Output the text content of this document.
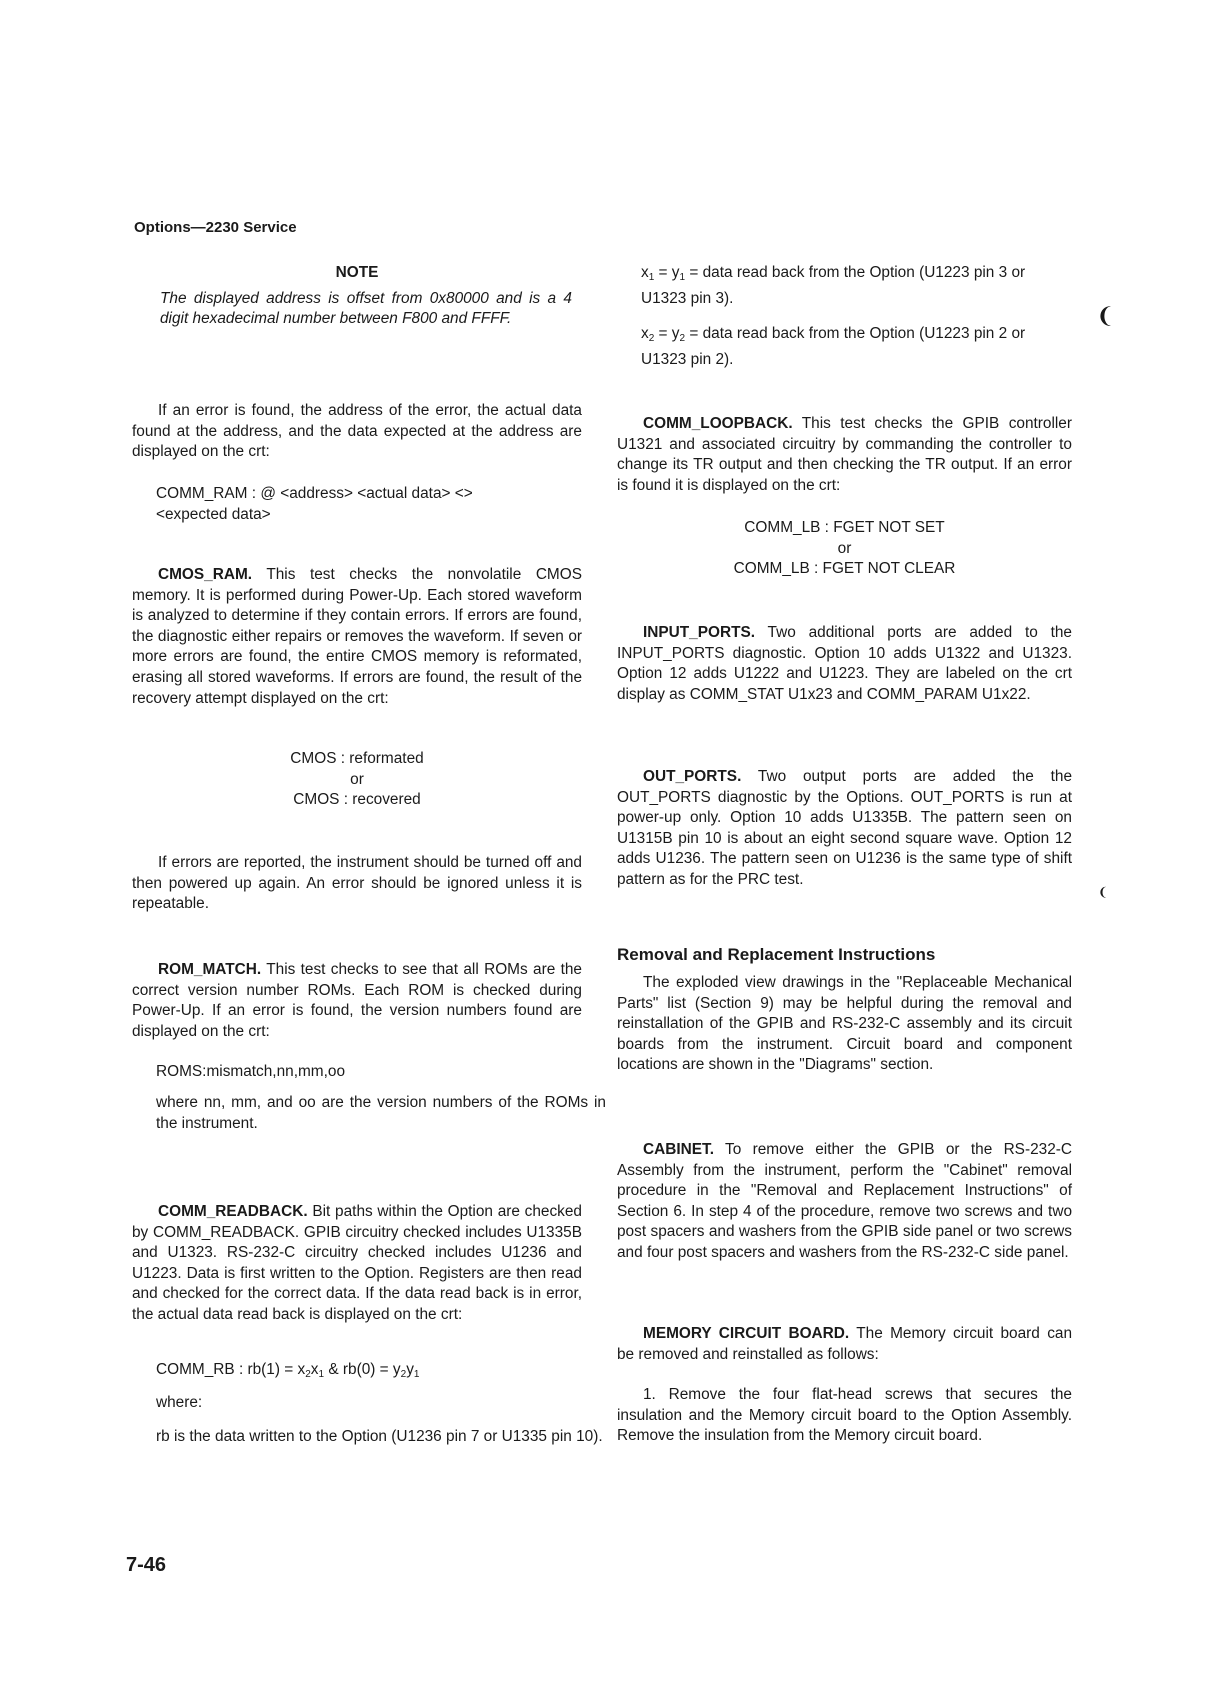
Options—2230 Service
NOTE

The displayed address is offset from 0x80000 and is a 4 digit hexadecimal number between F800 and FFFF.

If an error is found, the address of the error, the actual data found at the address, and the data expected at the address are displayed on the crt:

COMM_RAM : @ <address> <actual data> <>
<expected data>

CMOS_RAM. This test checks the nonvolatile CMOS memory. It is performed during Power-Up. Each stored waveform is analyzed to determine if they contain errors. If errors are found, the diagnostic either repairs or removes the waveform. If seven or more errors are found, the entire CMOS memory is reformated, erasing all stored waveforms. If errors are found, the result of the recovery attempt displayed on the crt:

CMOS : reformated
or
CMOS : recovered

If errors are reported, the instrument should be turned off and then powered up again. An error should be ignored unless it is repeatable.

ROM_MATCH. This test checks to see that all ROMs are the correct version number ROMs. Each ROM is checked during Power-Up. If an error is found, the version numbers found are displayed on the crt:

ROMS:mismatch,nn,mm,oo

where nn, mm, and oo are the version numbers of the ROMs in the instrument.

COMM_READBACK. Bit paths within the Option are checked by COMM_READBACK. GPIB circuitry checked includes U1335B and U1323. RS-232-C circuitry checked includes U1236 and U1223. Data is first written to the Option. Registers are then read and checked for the correct data. If the data read back is in error, the actual data read back is displayed on the crt:

COMM_RB : $rb(1) = x_2x_1$ & $rb(0) = y_2y_1$
where:

rb is the data written to the Option (U1236 pin 7 or U1335 pin 10).

$x_1 = y_1$ = data read back from the Option (U1223 pin 3 or U1323 pin 3).

$x_2 = y_2$ = data read back from the Option (U1223 pin 2 or U1323 pin 2).

COMM_LOOPBACK. This test checks the GPIB controller U1321 and associated circuitry by commanding the controller to change its TR output and then checking the TR output. If an error is found it is displayed on the crt:

COMM_LB : FGET NOT SET
or
COMM_LB : FGET NOT CLEAR

INPUT_PORTS. Two additional ports are added to the INPUT_PORTS diagnostic. Option 10 adds U1322 and U1323. Option 12 adds U1222 and U1223. They are labeled on the crt display as COMM_STAT U1x23 and COMM_PARAM U1x22.

OUT_PORTS. Two output ports are added the the OUT_PORTS diagnostic by the Options. OUT_PORTS is run at power-up only. Option 10 adds U1335B. The pattern seen on U1315B pin 10 is about an eight second square wave. Option 12 adds U1236. The pattern seen on U1236 is the same type of shift pattern as for the PRC test.

Removal and Replacement Instructions

The exploded view drawings in the "Replaceable Mechanical Parts" list (Section 9) may be helpful during the removal and reinstallation of the GPIB and RS-232-C assembly and its circuit boards from the instrument. Circuit board and component locations are shown in the "Diagrams" section.

CABINET. To remove either the GPIB or the RS-232-C Assembly from the instrument, perform the "Cabinet" removal procedure in the "Removal and Replacement Instructions" of Section 6. In step 4 of the procedure, remove two screws and two post spacers and washers from the GPIB side panel or two screws and four post spacers and washers from the RS-232-C side panel.

MEMORY CIRCUIT BOARD. The Memory circuit board can be removed and reinstalled as follows:

1. Remove the four flat-head screws that secures the insulation and the Memory circuit board to the Option Assembly. Remove the insulation from the Memory circuit board.

❨
❨
7-46
